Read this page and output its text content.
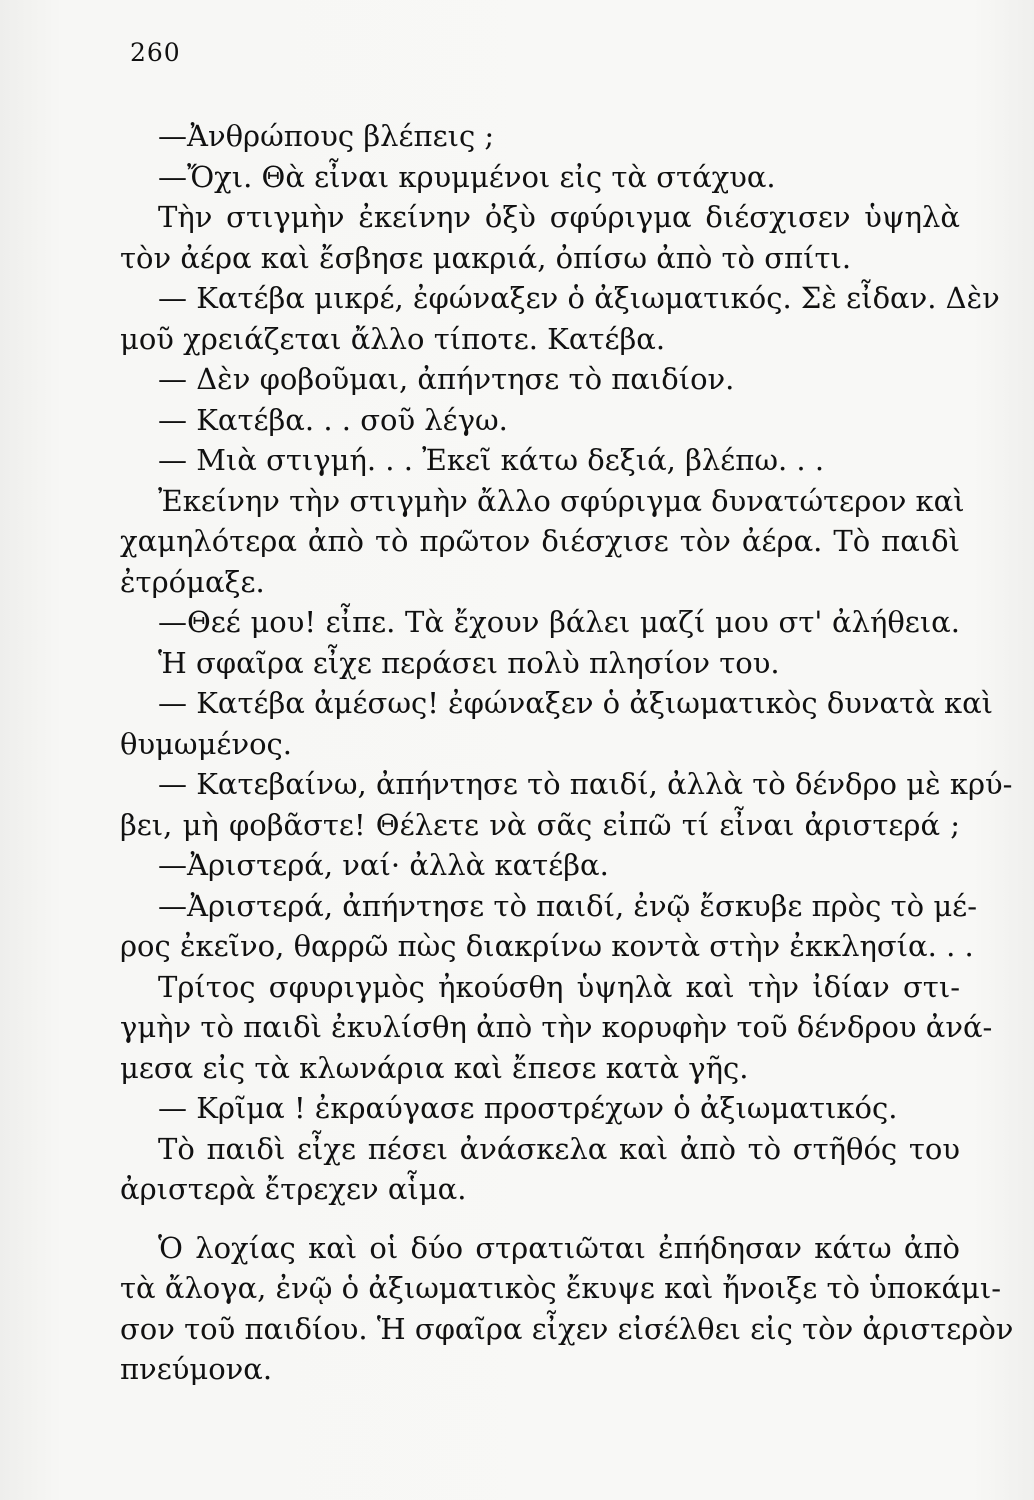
260
—Ἀνθρώπους βλέπεις ;
—Ὄχι. Θὰ εἶναι κρυμμένοι εἰς τὰ στάχυα.
Τὴν στιγμὴν ἐκείνην ὀξὺ σφύριγμα διέσχισεν ὑψηλὰ
τὸν ἀέρα καὶ ἔσβησε μακριά, ὀπίσω ἀπὸ τὸ σπίτι.
— Κατέβα μικρέ, ἐφώναξεν ὁ ἀξιωματικός. Σὲ εἶδαν. Δὲν
μοῦ χρειάζεται ἄλλο τίποτε. Κατέβα.
— Δὲν φοβοῦμαι, ἀπήντησε τὸ παιδίον.
— Κατέβα. . . σοῦ λέγω.
— Μιὰ στιγμή. . . Ἐκεῖ κάτω δεξιά, βλέπω. . .
Ἐκείνην τὴν στιγμὴν ἄλλο σφύριγμα δυνατώτερον καὶ
χαμηλότερα ἀπὸ τὸ πρῶτον διέσχισε τὸν ἀέρα. Τὸ παιδὶ
ἐτρόμαξε.
—Θεέ μου! εἶπε. Τὰ ἔχουν βάλει μαζί μου στ' ἀλήθεια.
Ἡ σφαῖρα εἶχε περάσει πολὺ πλησίον του.
— Κατέβα ἀμέσως! ἐφώναξεν ὁ ἀξιωματικὸς δυνατὰ καὶ
θυμωμένος.
— Κατεβαίνω, ἀπήντησε τὸ παιδί, ἀλλὰ τὸ δένδρο μὲ κρύ-
βει, μὴ φοβᾶστε! Θέλετε νὰ σᾶς εἰπῶ τί εἶναι ἀριστερά ;
—Ἀριστερά, ναί· ἀλλὰ κατέβα.
—Ἀριστερά, ἀπήντησε τὸ παιδί, ἐνῷ ἔσκυβε πρὸς τὸ μέ-
ρος ἐκεῖνο, θαρρῶ πὼς διακρίνω κοντὰ στὴν ἐκκλησία. . .
Τρίτος σφυριγμὸς ἠκούσθη ὑψηλὰ καὶ τὴν ἰδίαν στι-
γμὴν τὸ παιδὶ ἐκυλίσθη ἀπὸ τὴν κορυφὴν τοῦ δένδρου ἀνά-
μεσα εἰς τὰ κλωνάρια καὶ ἔπεσε κατὰ γῆς.
— Κρῖμα ! ἐκραύγασε προστρέχων ὁ ἀξιωματικός.
Τὸ παιδὶ εἶχε πέσει ἀνάσκελα καὶ ἀπὸ τὸ στῆθός του
ἀριστερὰ ἔτρεχεν αἷμα.
Ὁ λοχίας καὶ οἱ δύο στρατιῶται ἐπήδησαν κάτω ἀπὸ
τὰ ἄλογα, ἐνῷ ὁ ἀξιωματικὸς ἔκυψε καὶ ἤνοιξε τὸ ὑποκάμι-
σον τοῦ παιδίου. Ἡ σφαῖρα εἶχεν εἰσέλθει εἰς τὸν ἀριστερὸν
πνεύμονα.
